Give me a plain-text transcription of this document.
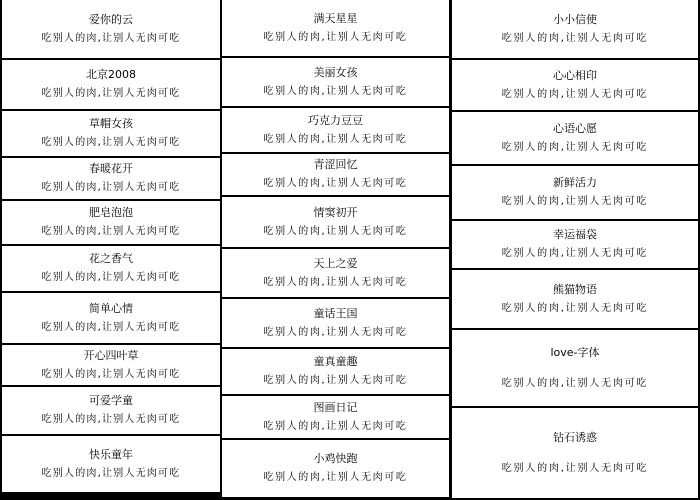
爱你的云
吃别人的肉,让别人无肉可吃
北京2008
吃别人的肉,让别人无肉可吃
草帽女孩
吃别人的肉,让别人无肉可吃
春暖花开
吃别人的肉,让别人无肉可吃
肥皂泡泡
吃别人的肉,让别人无肉可吃
花之香气
吃别人的肉,让别人无肉可吃
简单心情
吃别人的肉,让别人无肉可吃
开心四叶草
吃别人的肉,让别人无肉可吃
可爱学童
吃别人的肉,让别人无肉可吃
快乐童年
吃别人的肉,让别人无肉可吃
满天星星
吃别人的肉,让别人无肉可吃
美丽女孩
吃别人的肉,让别人无肉可吃
巧克力豆豆
吃别人的肉,让别人无肉可吃
青涩回忆
吃别人的肉,让别人无肉可吃
情窦初开
吃别人的肉,让别人无肉可吃
天上之爱
吃别人的肉,让别人无肉可吃
童话王国
吃别人的肉,让别人无肉可吃
童真童趣
吃别人的肉,让别人无肉可吃
图画日记
吃别人的肉,让别人无肉可吃
小鸡快跑
吃别人的肉,让别人无肉可吃
小小信使
吃别人的肉,让别人无肉可吃
心心相印
吃别人的肉,让别人无肉可吃
心语心愿
吃别人的肉,让别人无肉可吃
新鲜活力
吃别人的肉,让别人无肉可吃
幸运福袋
吃别人的肉,让别人无肉可吃
熊猫物语
吃别人的肉,让别人无肉可吃
love-字体
吃别人的肉,让别人无肉可吃
钻石诱惑
吃别人的肉,让别人无肉可吃
